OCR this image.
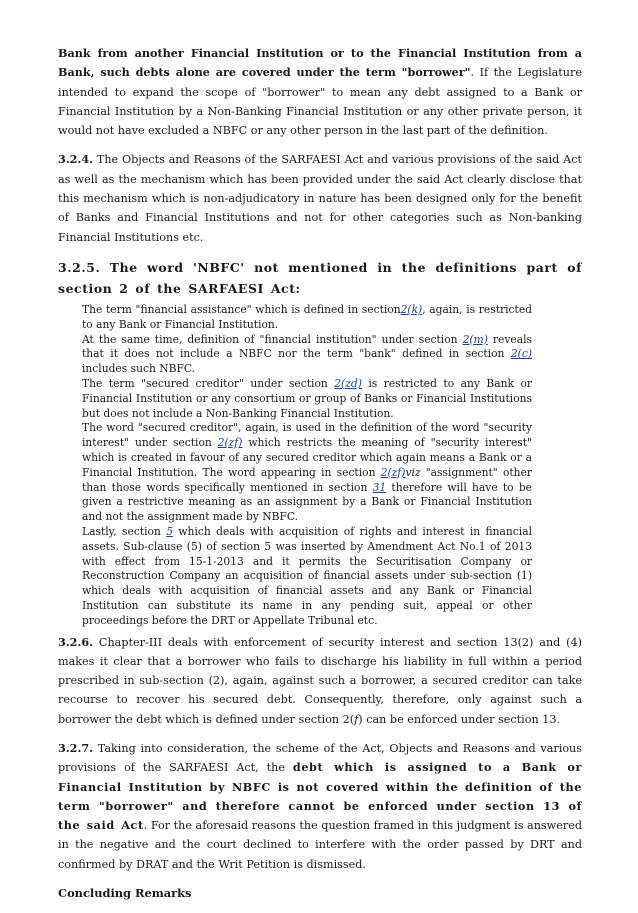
Bank from another Financial Institution or to the Financial Institution from a Bank, such debts alone are covered under the term "borrower". If the Legislature intended to expand the scope of "borrower" to mean any debt assigned to a Bank or Financial Institution by a Non-Banking Financial Institution or any other private person, it would not have excluded a NBFC or any other person in the last part of the definition.

3.2.4. The Objects and Reasons of the SARFAESI Act and various provisions of the said Act as well as the mechanism which has been provided under the said Act clearly disclose that this mechanism which is non-adjudicatory in nature has been designed only for the benefit of Banks and Financial Institutions and not for other categories such as Non-banking Financial Institutions etc.

3.2.5. The word 'NBFC' not mentioned in the definitions part of section 2 of the SARFAESI Act:

The term "financial assistance" which is defined in section2(k), again, is restricted to any Bank or Financial Institution.

At the same time, definition of "financial institution" under section 2(m) reveals that it does not include a NBFC nor the term "bank" defined in section 2(c) includes such NBFC.

The term "secured creditor" under section 2(zd) is restricted to any Bank or Financial Institution or any consortium or group of Banks or Financial Institutions but does not include a Non-Banking Financial Institution.

The word "secured creditor", again, is used in the definition of the word "security interest" under section 2(zf) which restricts the meaning of "security interest" which is created in favour of any secured creditor which again means a Bank or a Financial Institution. The word appearing in section 2(zf)viz "assignment" other than those words specifically mentioned in section 31 therefore will have to be given a restrictive meaning as an assignment by a Bank or Financial Institution and not the assignment made by NBFC.

Lastly, section 5 which deals with acquisition of rights and interest in financial assets. Sub-clause (5) of section 5 was inserted by Amendment Act No.1 of 2013 with effect from 15-1-2013 and it permits the Securitisation Company or Reconstruction Company an acquisition of financial assets under sub-section (1) which deals with acquisition of financial assets and any Bank or Financial Institution can substitute its name in any pending suit, appeal or other proceedings before the DRT or Appellate Tribunal etc.

3.2.6. Chapter-III deals with enforcement of security interest and section 13(2) and (4) makes it clear that a borrower who fails to discharge his liability in full within a period prescribed in sub-section (2), again, against such a borrower, a secured creditor can take recourse to recover his secured debt. Consequently, therefore, only against such a borrower the debt which is defined under section 2(f) can be enforced under section 13.

3.2.7. Taking into consideration, the scheme of the Act, Objects and Reasons and various provisions of the SARFAESI Act, the debt which is assigned to a Bank or Financial Institution by NBFC is not covered within the definition of the term "borrower" and therefore cannot be enforced under section 13 of the said Act. For the aforesaid reasons the question framed in this judgment is answered in the negative and the court declined to interfere with the order passed by DRT and confirmed by DRAT and the Writ Petition is dismissed.

Concluding Remarks
